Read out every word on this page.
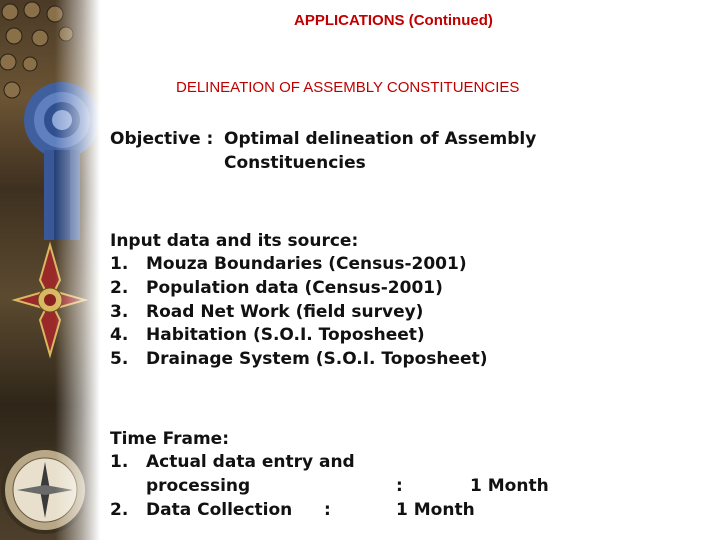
APPLICATIONS (Continued)
DELINEATION OF ASSEMBLY CONSTITUENCIES
Objective : Optimal delineation of Assembly
Constituencies
Input data and its source:
1. Mouza Boundaries (Census-2001)
2. Population data (Census-2001)
3. Road Net Work (field survey)
4. Habitation (S.O.I. Toposheet)
5. Drainage System (S.O.I. Toposheet)
Time Frame:
1. Actual data entry and
processing	:	1 Month
2. Data Collection :	1 Month
